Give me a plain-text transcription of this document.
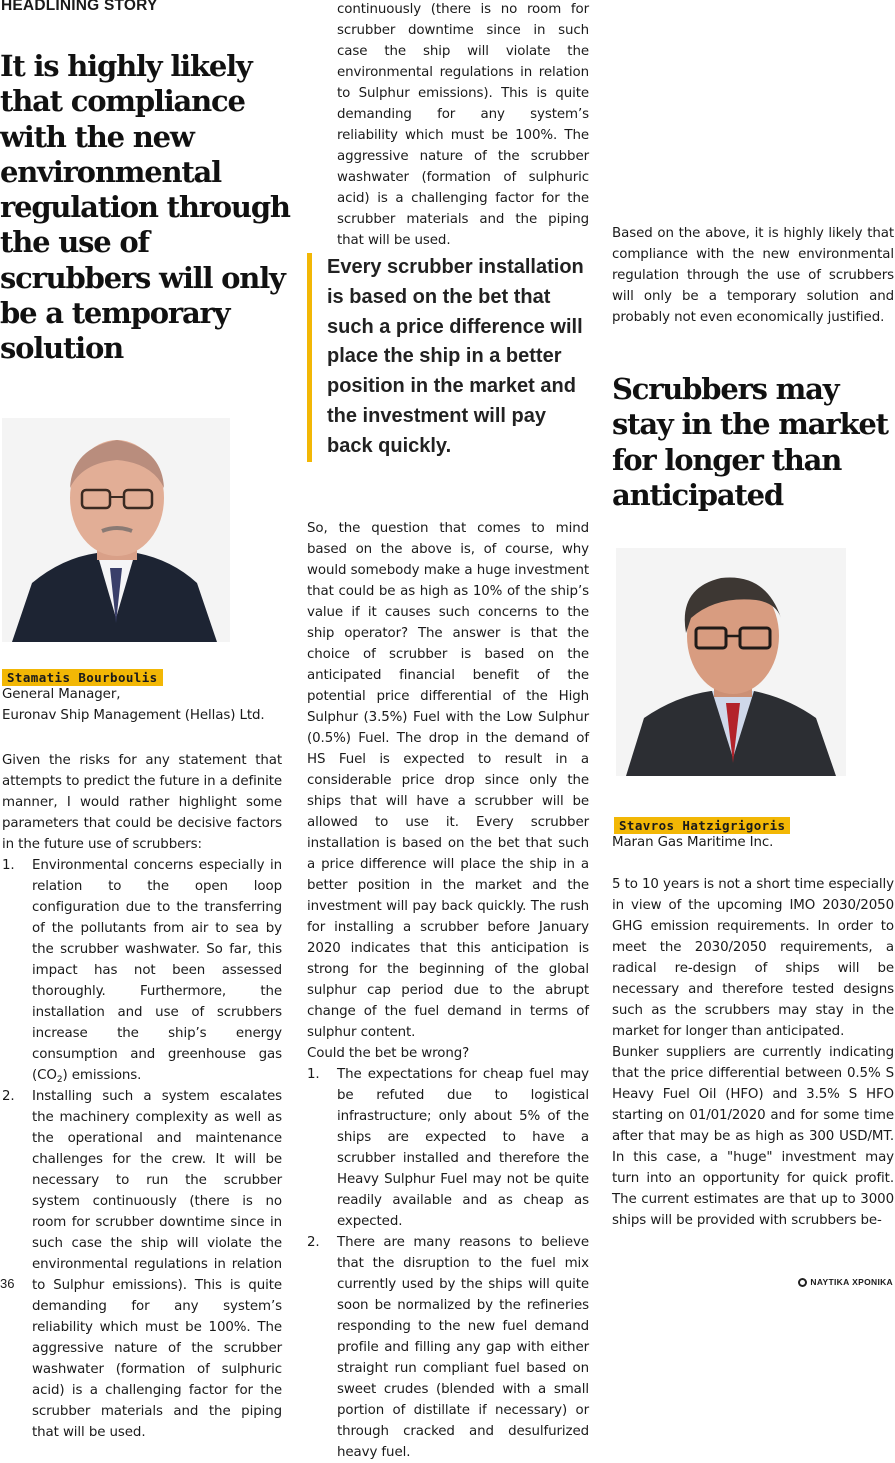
HEADLINING STORY
It is highly likely that compliance with the new environmental regulation through the use of scrubbers will only be a temporary solution
Stamatis Bourboulis

General Manager,

Euronav Ship Management (Hellas) Ltd.

Given the risks for any statement that attempts to predict the future in a definite manner, I would rather highlight some parameters that could be decisive factors in the future use of scrubbers:

1. Environmental concerns especially in relation to the open loop configuration due to the transferring of the pollutants from air to sea by the scrubber washwater. So far, this impact has not been assessed thoroughly. Furthermore, the installation and use of scrubbers increase the ship’s energy consumption and greenhouse gas $(CO_2)$ emissions.
2. Installing such a system escalates the machinery complexity as well as the operational and maintenance challenges for the crew. It will be necessary to run the scrubber system continuously (there is no room for scrubber downtime since in such case the ship will violate the environmental regulations in relation to Sulphur emissions). This is quite demanding for any system’s reliability which must be 100%. The aggressive nature of the scrubber washwater (formation of sulphuric acid) is a challenging factor for the scrubber materials and the piping that will be used.
continuously (there is no room for scrubber downtime since in such case the ship will violate the environmental regulations in relation to Sulphur emissions). This is quite demanding for any system’s reliability which must be 100%. The aggressive nature of the scrubber washwater (formation of sulphuric acid) is a challenging factor for the scrubber materials and the piping that will be used.
Every scrubber installation is based on the bet that such a price difference will place the ship in a better position in the market and the investment will pay back quickly.

So, the question that comes to mind based on the above is, of course, why would somebody make a huge investment that could be as high as 10% of the ship’s value if it causes such concerns to the ship operator? The answer is that the choice of scrubber is based on the anticipated financial benefit of the potential price differential of the High Sulphur (3.5%) Fuel with the Low Sulphur (0.5%) Fuel. The drop in the demand of HS Fuel is expected to result in a considerable price drop since only the ships that will have a scrubber will be allowed to use it. Every scrubber installation is based on the bet that such a price difference will place the ship in a better position in the market and the investment will pay back quickly. The rush for installing a scrubber before January 2020 indicates that this anticipation is strong for the beginning of the global sulphur cap period due to the abrupt change of the fuel demand in terms of sulphur content.

Could the bet be wrong?

1. The expectations for cheap fuel may be refuted due to logistical infrastructure; only about 5% of the ships are expected to have a scrubber installed and therefore the Heavy Sulphur Fuel may not be quite readily available and as cheap as expected.
2. There are many reasons to believe that the disruption to the fuel mix currently used by the ships will quite soon be normalized by the refineries responding to the new fuel demand profile and filling any gap with either straight run compliant fuel based on sweet crudes (blended with a small portion of distillate if necessary) or through cracked and desulfurized heavy fuel.

Based on the above, it is highly likely that compliance with the new environmental regulation through the use of scrubbers will only be a temporary solution and probably not even economically justified.

Scrubbers may stay in the market for longer than anticipated
Stavros Hatzigrigoris

Maran Gas Maritime Inc.

5 to 10 years is not a short time especially in view of the upcoming IMO 2030/2050 GHG emission requirements. In order to meet the 2030/2050 requirements, a radical re-design of ships will be necessary and therefore tested designs such as the scrubbers may stay in the market for longer than anticipated.

Bunker suppliers are currently indicating that the price differential between 0.5% S Heavy Fuel Oil (HFO) and 3.5% S HFO starting on 01/01/2020 and for some time after that may be as high as 300 USD/MT. In this case, a "huge" investment may turn into an opportunity for quick profit. The current estimates are that up to 3000 ships will be provided with scrubbers be-

36	ΝΑΥΤΙΚΑ ΧΡΟΝΙΚΑ
